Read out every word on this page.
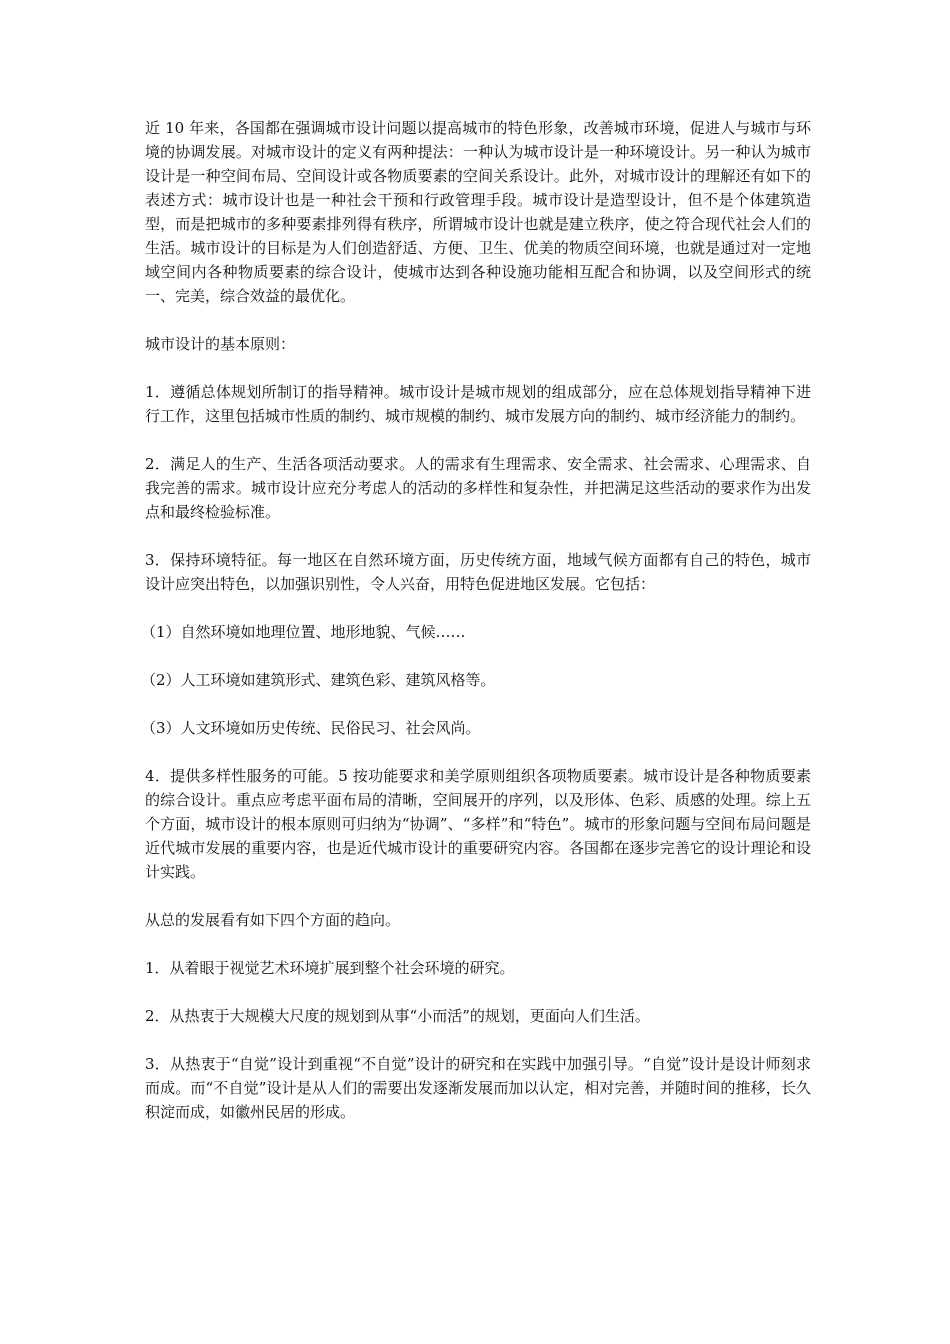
近 10 年来，各国都在强调城市设计问题以提高城市的特色形象，改善城市环境，促进人与城市与环境的协调发展。对城市设计的定义有两种提法：一种认为城市设计是一种环境设计。另一种认为城市设计是一种空间布局、空间设计或各物质要素的空间关系设计。此外，对城市设计的理解还有如下的表述方式：城市设计也是一种社会干预和行政管理手段。城市设计是造型设计，但不是个体建筑造型，而是把城市的多种要素排列得有秩序，所谓城市设计也就是建立秩序，使之符合现代社会人们的生活。城市设计的目标是为人们创造舒适、方便、卫生、优美的物质空间环境，也就是通过对一定地域空间内各种物质要素的综合设计，使城市达到各种设施功能相互配合和协调，以及空间形式的统一、完美，综合效益的最优化。

城市设计的基本原则：

1．遵循总体规划所制订的指导精神。城市设计是城市规划的组成部分，应在总体规划指导精神下进行工作，这里包括城市性质的制约、城市规模的制约、城市发展方向的制约、城市经济能力的制约。

2．满足人的生产、生活各项活动要求。人的需求有生理需求、安全需求、社会需求、心理需求、自我完善的需求。城市设计应充分考虑人的活动的多样性和复杂性，并把满足这些活动的要求作为出发点和最终检验标准。

3．保持环境特征。每一地区在自然环境方面，历史传统方面，地域气候方面都有自己的特色，城市设计应突出特色，以加强识别性，令人兴奋，用特色促进地区发展。它包括：

（1）自然环境如地理位置、地形地貌、气候……

（2）人工环境如建筑形式、建筑色彩、建筑风格等。

（3）人文环境如历史传统、民俗民习、社会风尚。

4．提供多样性服务的可能。5 按功能要求和美学原则组织各项物质要素。城市设计是各种物质要素的综合设计。重点应考虑平面布局的清晰，空间展开的序列，以及形体、色彩、质感的处理。综上五个方面，城市设计的根本原则可归纳为“协调”、“多样”和“特色”。城市的形象问题与空间布局问题是近代城市发展的重要内容，也是近代城市设计的重要研究内容。各国都在逐步完善它的设计理论和设计实践。

从总的发展看有如下四个方面的趋向。

1．从着眼于视觉艺术环境扩展到整个社会环境的研究。

2．从热衷于大规模大尺度的规划到从事“小而活”的规划，更面向人们生活。

3．从热衷于“自觉”设计到重视“不自觉”设计的研究和在实践中加强引导。“自觉”设计是设计师刻求而成。而“不自觉”设计是从人们的需要出发逐渐发展而加以认定，相对完善，并随时间的推移，长久积淀而成，如徽州民居的形成。
